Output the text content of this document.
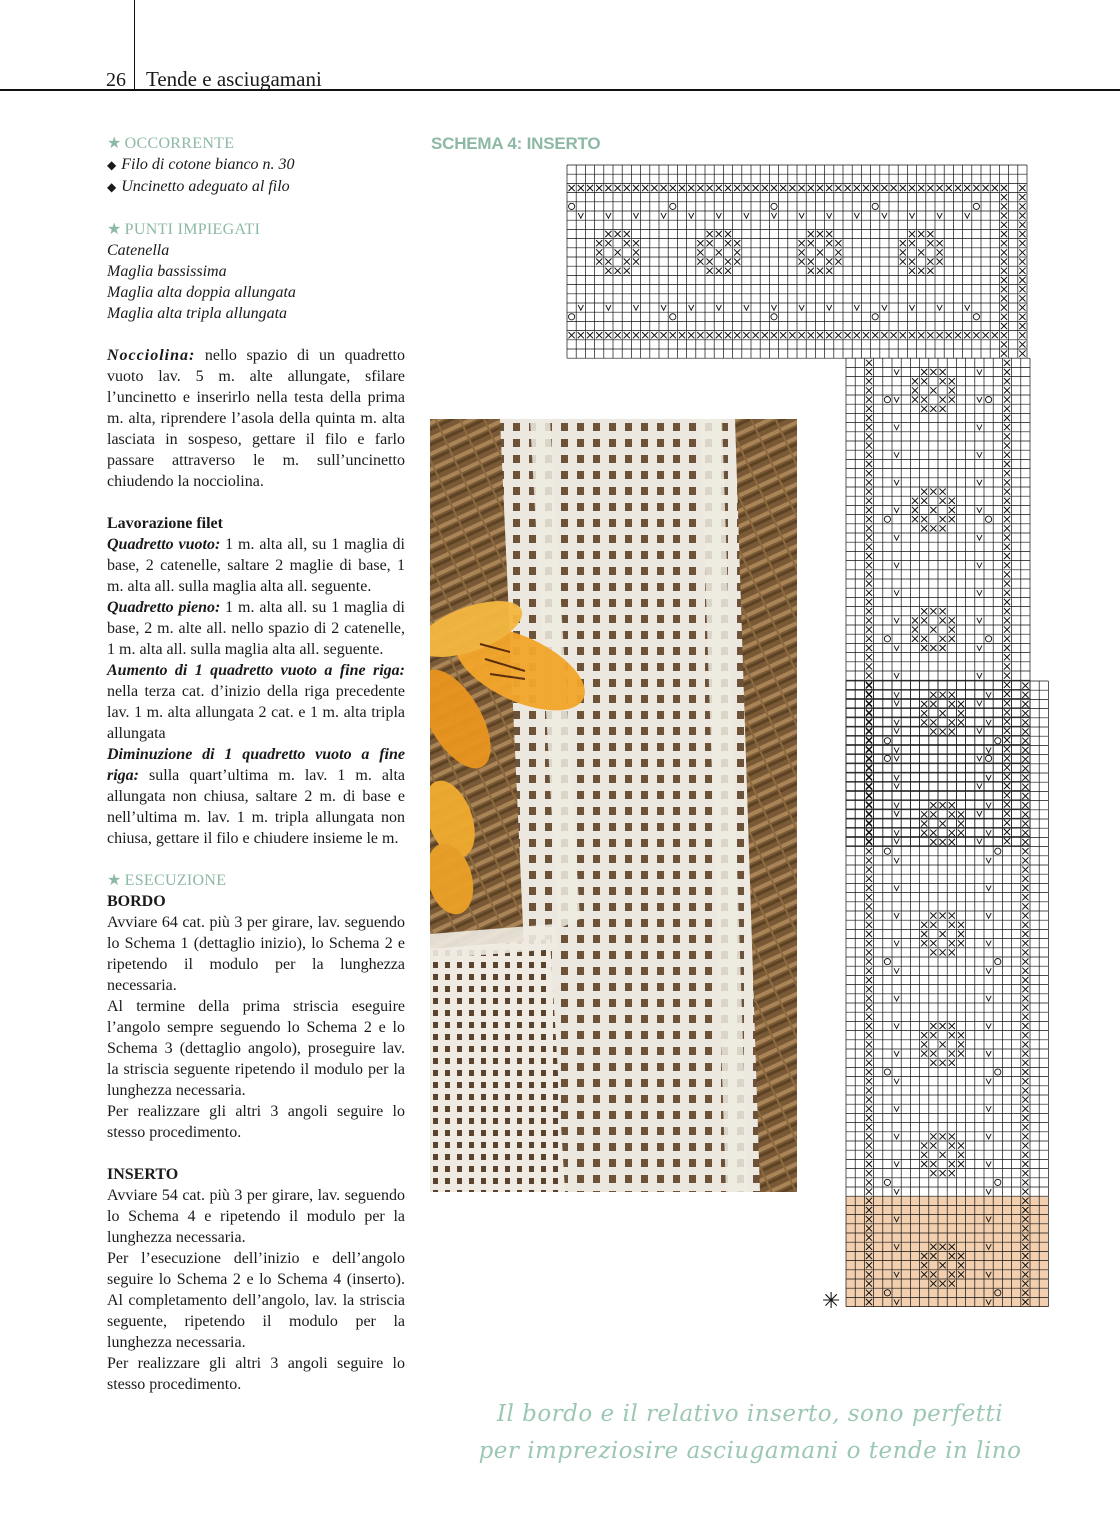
26 Tende e asciugamani
★ OCCORRENTE
◆ Filo di cotone bianco n. 30
◆ Uncinetto adeguato al filo
★ PUNTI IMPIEGATI
Catenella
Maglia bassissima
Maglia alta doppia allungata
Maglia alta tripla allungata

Nocciolina: nello spazio di un quadretto vuoto lav. 5 m. alte allungate, sfilare l’uncinetto e inserirlo nella testa della prima m. alta, riprendere l’asola della quinta m. alta lasciata in sospeso, gettare il filo e farlo passare attraverso le m. sull’uncinetto chiudendo la nocciolina.

Lavorazione filet

Quadretto vuoto: 1 m. alta all, su 1 maglia di base, 2 catenelle, saltare 2 maglie di base, 1 m. alta all. sulla maglia alta all. seguente.

Quadretto pieno: 1 m. alta all. su 1 maglia di base, 2 m. alte all. nello spazio di 2 catenelle, 1 m. alta all. sulla maglia alta all. seguente.

Aumento di 1 quadretto vuoto a fine riga: nella terza cat. d’inizio della riga precedente lav. 1 m. alta allungata 2 cat. e 1 m. alta tripla allungata

Diminuzione di 1 quadretto vuoto a fine riga: sulla quart’ultima m. lav. 1 m. alta allungata non chiusa, saltare 2 m. di base e nell’ultima m. lav. 1 m. tripla allungata non chiusa, gettare il filo e chiudere insieme le m.

★ ESECUZIONE
BORDO

Avviare 64 cat. più 3 per girare, lav. seguendo lo Schema 1 (dettaglio inizio), lo Schema 2 e ripetendo il modulo per la lunghezza necessaria.

Al termine della prima striscia eseguire l’angolo sempre seguendo lo Schema 2 e lo Schema 3 (dettaglio angolo), proseguire lav. la striscia seguente ripetendo il modulo per la lunghezza necessaria.

Per realizzare gli altri 3 angoli seguire lo stesso procedimento.

INSERTO

Avviare 54 cat. più 3 per girare, lav. seguendo lo Schema 4 e ripetendo il modulo per la lunghezza necessaria.

Per l’esecuzione dell’inizio e dell’angolo seguire lo Schema 2 e lo Schema 4 (inserto). Al completamento dell’angolo, lav. la striscia seguente, ripetendo il modulo per la lunghezza necessaria.

Per realizzare gli altri 3 angoli seguire lo stesso procedimento.

SCHEMA 4: INSERTO
✳
Il bordo e il relativo inserto, sono perfetti
per impreziosire asciugamani o tende in lino
